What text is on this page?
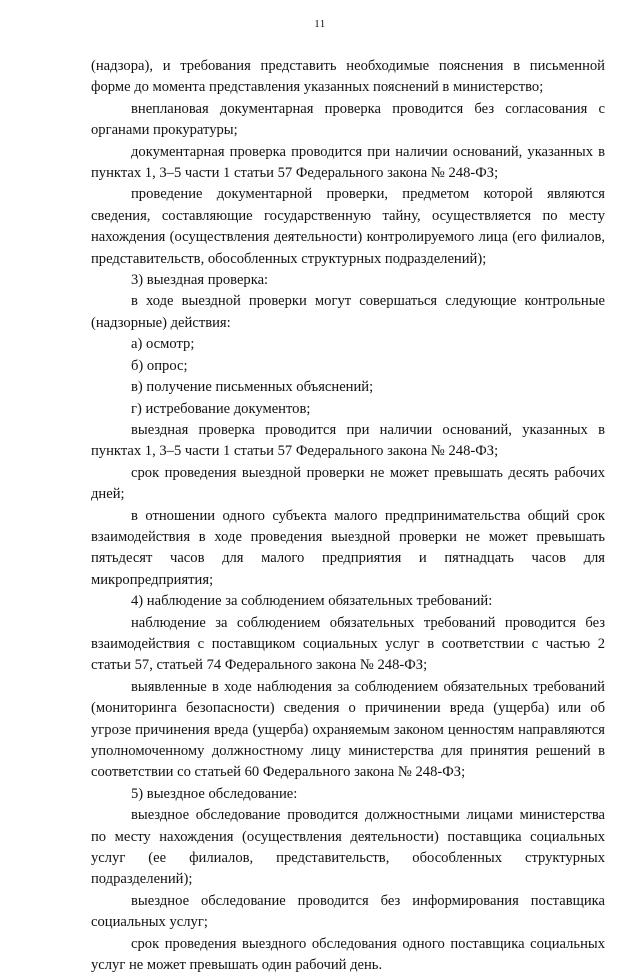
11

(надзора), и требования представить необходимые пояснения в письменной форме до момента представления указанных пояснений в министерство;

внеплановая документарная проверка проводится без согласования с органами прокуратуры;

документарная проверка проводится при наличии оснований, указанных в пунктах 1, 3–5 части 1 статьи 57 Федерального закона № 248-ФЗ;

проведение документарной проверки, предметом которой являются сведения, составляющие государственную тайну, осуществляется по месту нахождения (осуществления деятельности) контролируемого лица (его филиалов, представительств, обособленных структурных подразделений);

3) выездная проверка:

в ходе выездной проверки могут совершаться следующие контрольные (надзорные) действия:

а) осмотр;

б) опрос;

в) получение письменных объяснений;

г) истребование документов;

выездная проверка проводится при наличии оснований, указанных в пунктах 1, 3–5 части 1 статьи 57 Федерального закона № 248-ФЗ;

срок проведения выездной проверки не может превышать десять рабочих дней;

в отношении одного субъекта малого предпринимательства общий срок взаимодействия в ходе проведения выездной проверки не может превышать пятьдесят часов для малого предприятия и пятнадцать часов для микропредприятия;

4) наблюдение за соблюдением обязательных требований:

наблюдение за соблюдением обязательных требований проводится без взаимодействия с поставщиком социальных услуг в соответствии с частью 2 статьи 57, статьей 74 Федерального закона № 248-ФЗ;

выявленные в ходе наблюдения за соблюдением обязательных требований (мониторинга безопасности) сведения о причинении вреда (ущерба) или об угрозе причинения вреда (ущерба) охраняемым законом ценностям направляются уполномоченному должностному лицу министерства для принятия решений в соответствии со статьей 60 Федерального закона № 248-ФЗ;

5) выездное обследование:

выездное обследование проводится должностными лицами министерства по месту нахождения (осуществления деятельности) поставщика социальных услуг (ее филиалов, представительств, обособленных структурных подразделений);

выездное обследование проводится без информирования поставщика социальных услуг;

срок проведения выездного обследования одного поставщика социальных услуг не может превышать один рабочий день.
